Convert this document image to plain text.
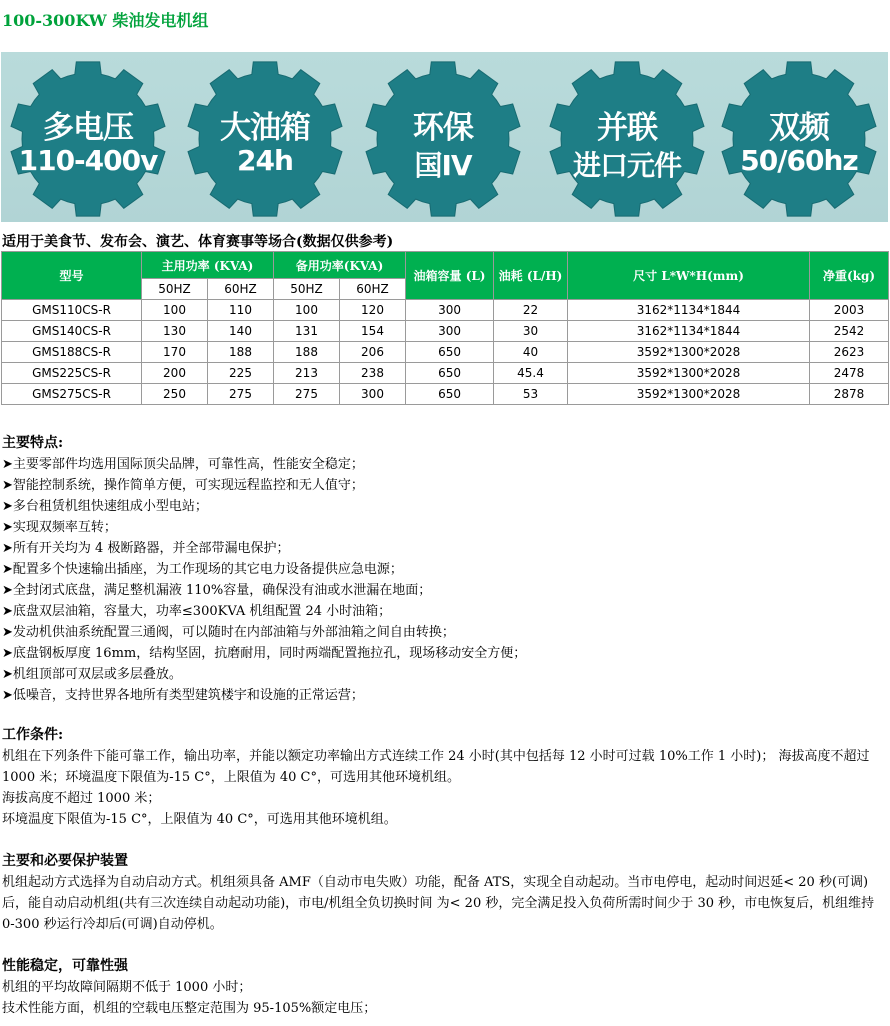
100-300KW 柴油发电机组
多电压
110-400v
大油箱
24h
环保
国IV
并联
进口元件
双频
50/60hz
适用于美食节、发布会、演艺、体育赛事等场合(数据仅供参考)
型号	主用功率 (KVA)		备用功率(KVA)		油箱容量 (L)	油耗 (L/H)	尺寸 L*W*H(mm)	净重(kg)
	50HZ	60HZ	50HZ	60HZ				
GMS110CS-R	100	110	100	120	300	22	3162*1134*1844	2003
GMS140CS-R	130	140	131	154	300	30	3162*1134*1844	2542
GMS188CS-R	170	188	188	206	650	40	3592*1300*2028	2623
GMS225CS-R	200	225	213	238	650	45.4	3592*1300*2028	2478
GMS275CS-R	250	275	275	300	650	53	3592*1300*2028	2878
主要特点:
➤主要零部件均选用国际顶尖品牌，可靠性高，性能安全稳定；
➤智能控制系统，操作简单方便，可实现远程监控和无人值守；
➤多台租赁机组快速组成小型电站；
➤实现双频率互转；
➤所有开关均为 4 极断路器，并全部带漏电保护；
➤配置多个快速输出插座，为工作现场的其它电力设备提供应急电源；
➤全封闭式底盘，满足整机漏液 110%容量，确保没有油或水泄漏在地面；
➤底盘双层油箱，容量大，功率≤300KVA 机组配置 24 小时油箱；
➤发动机供油系统配置三通阀，可以随时在内部油箱与外部油箱之间自由转换；
➤底盘钢板厚度 16mm，结构坚固，抗磨耐用，同时两端配置拖拉孔，现场移动安全方便；
➤机组顶部可双层或多层叠放。
➤低噪音，支持世界各地所有类型建筑楼宇和设施的正常运营；
工作条件:
机组在下列条件下能可靠工作，输出功率，并能以额定功率输出方式连续工作 24 小时(其中包括每 12 小时可过载 10%工作 1 小时)； 海拔高度不超过 1000 米；环境温度下限值为-15 C°，上限值为 40 C°，可选用其他环境机组。
海拔高度不超过 1000 米；
环境温度下限值为-15 C°，上限值为 40 C°，可选用其他环境机组。
主要和必要保护装置
机组起动方式选择为自动启动方式。机组须具备 AMF（自动市电失败）功能，配备 ATS，实现全自动起动。当市电停电，起动时间迟延< 20 秒(可调)后，能自动启动机组(共有三次连续自动起动功能)，市电/机组全负切换时间 为< 20 秒，完全满足投入负荷所需时间少于 30 秒，市电恢复后，机组维持 0-300 秒运行冷却后(可调)自动停机。
性能稳定，可靠性强
机组的平均故障间隔期不低于 1000 小时；
技术性能方面，机组的空载电压整定范围为 95-105%额定电压；
